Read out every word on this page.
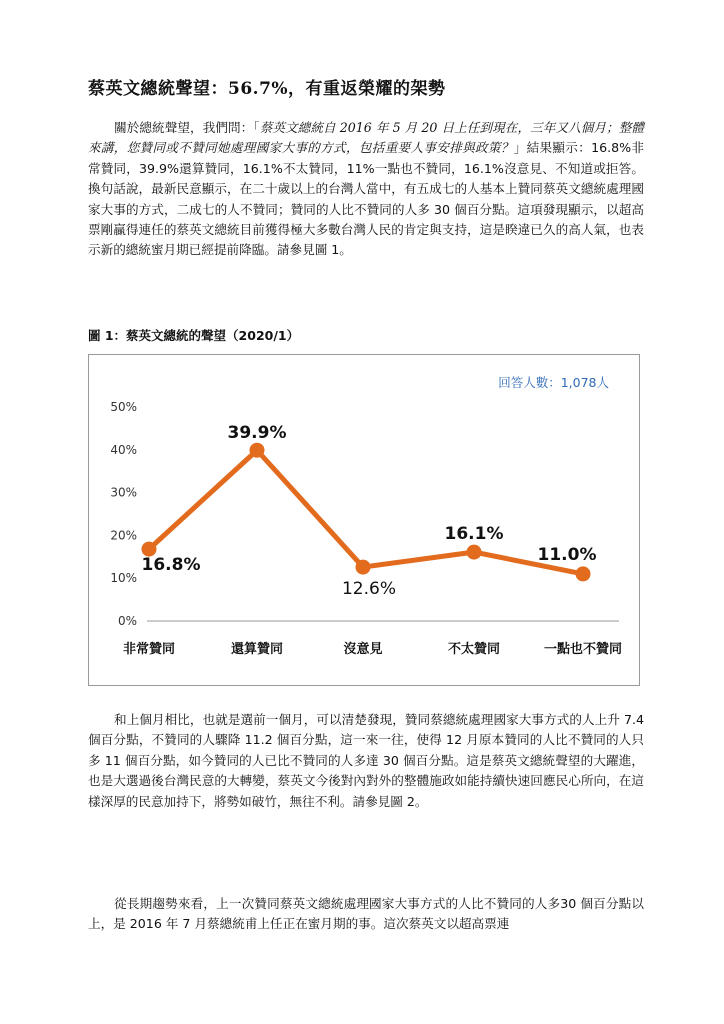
蔡英文總統聲望：56.7%，有重返榮耀的架勢

關於總統聲望，我們問：「蔡英文總統自 2016 年 5 月 20 日上任到現在，三年又八個月；整體來講，您贊同或不贊同她處理國家大事的方式，包括重要人事安排與政策？」結果顯示：16.8%非常贊同，39.9%還算贊同，16.1%不太贊同，11%一點也不贊同，16.1%沒意見、不知道或拒答。換句話說，最新民意顯示，在二十歲以上的台灣人當中，有五成七的人基本上贊同蔡英文總統處理國家大事的方式，二成七的人不贊同；贊同的人比不贊同的人多 30 個百分點。這項發現顯示，以超高票剛贏得連任的蔡英文總統目前獲得極大多數台灣人民的肯定與支持，這是睽違已久的高人氣，也表示新的總統蜜月期已經提前降臨。請參見圖 1。

圖 1：蔡英文總統的聲望（2020/1）
回答人數：1,078人
0%
10%
20%
30%
40%
50%
16.8%
39.9%
12.6%
16.1%
11.0%
非常贊同	還算贊同	沒意見	不太贊同	一點也不贊同

和上個月相比，也就是選前一個月，可以清楚發現，贊同蔡總統處理國家大事方式的人上升 7.4 個百分點，不贊同的人驟降 11.2 個百分點，這一來一往，使得 12 月原本贊同的人比不贊同的人只多 11 個百分點，如今贊同的人已比不贊同的人多達 30 個百分點。這是蔡英文總統聲望的大躍進，也是大選過後台灣民意的大轉變，蔡英文今後對內對外的整體施政如能持續快速回應民心所向，在這樣深厚的民意加持下，將勢如破竹，無往不利。請參見圖 2。

從長期趨勢來看，上一次贊同蔡英文總統處理國家大事方式的人比不贊同的人多30 個百分點以上，是 2016 年 7 月蔡總統甫上任正在蜜月期的事。這次蔡英文以超高票連
